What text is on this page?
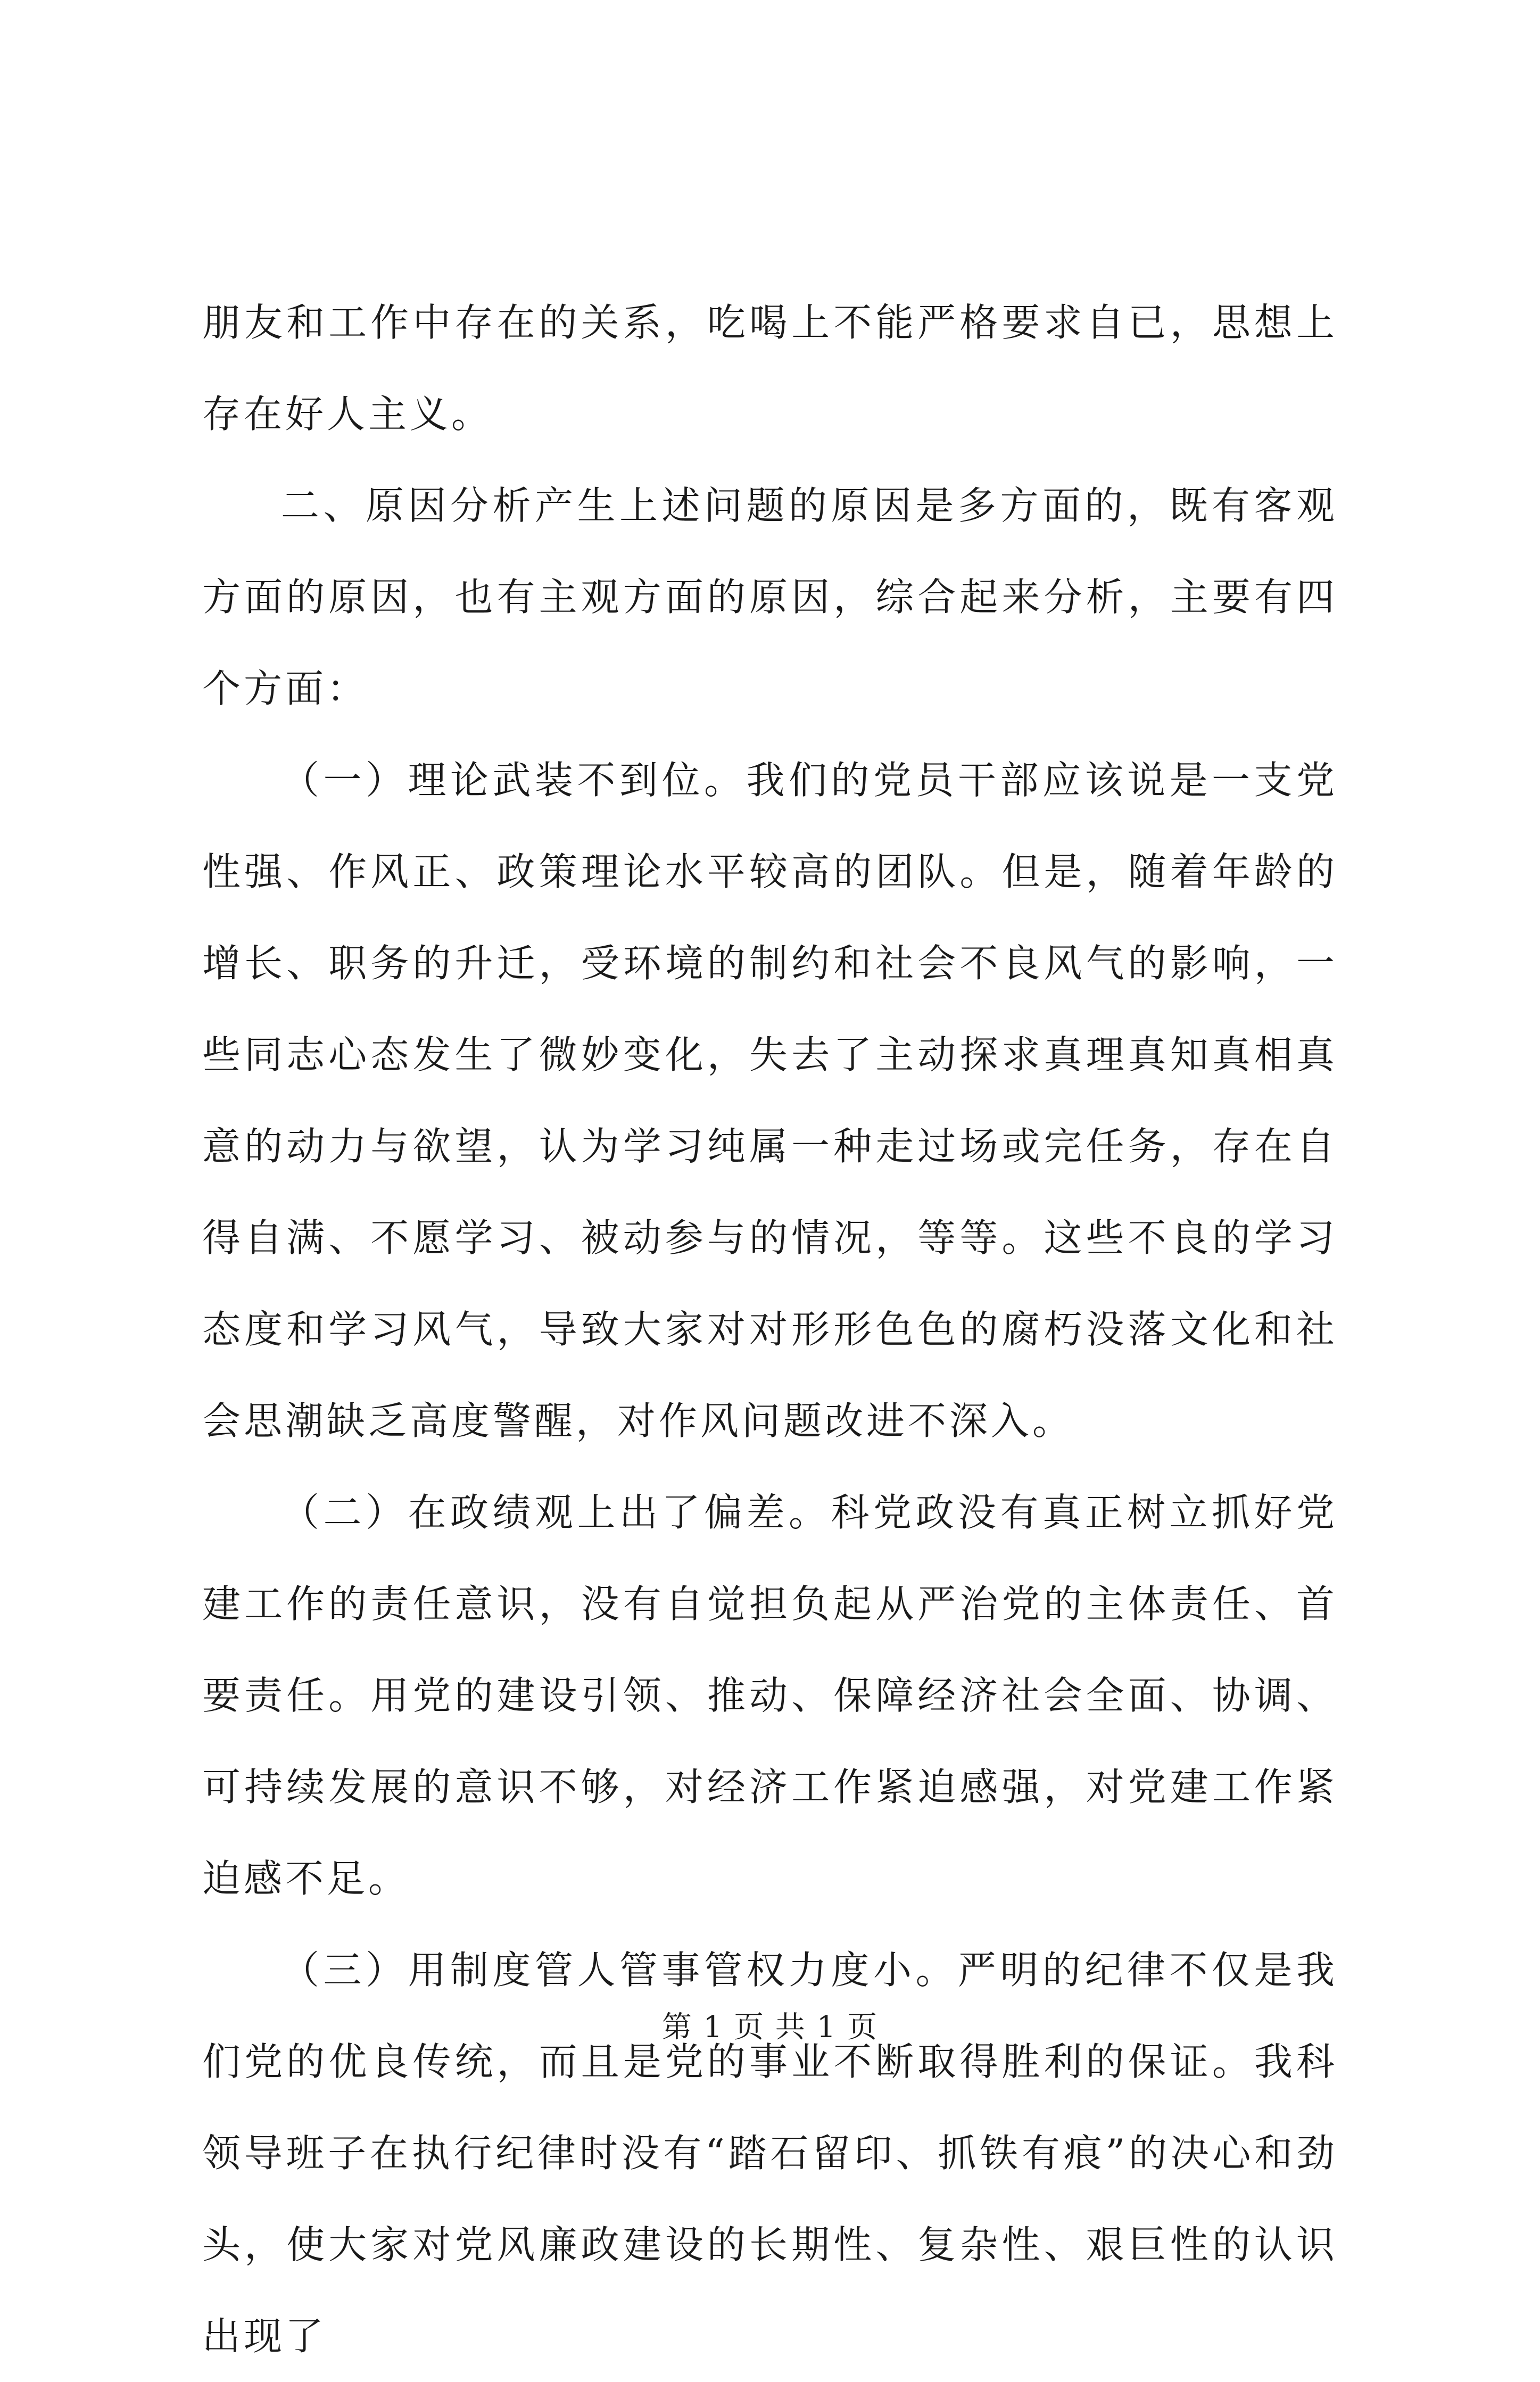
朋友和工作中存在的关系，吃喝上不能严格要求自已，思想上存在好人主义。

二、原因分析产生上述问题的原因是多方面的，既有客观方面的原因，也有主观方面的原因，综合起来分析，主要有四个方面：

（一）理论武装不到位。我们的党员干部应该说是一支党性强、作风正、政策理论水平较高的团队。但是，随着年龄的增长、职务的升迁，受环境的制约和社会不良风气的影响，一些同志心态发生了微妙变化，失去了主动探求真理真知真相真意的动力与欲望，认为学习纯属一种走过场或完任务，存在自得自满、不愿学习、被动参与的情况，等等。这些不良的学习态度和学习风气，导致大家对对形形色色的腐朽没落文化和社会思潮缺乏高度警醒，对作风问题改进不深入。

（二）在政绩观上出了偏差。科党政没有真正树立抓好党建工作的责任意识，没有自觉担负起从严治党的主体责任、首要责任。用党的建设引领、推动、保障经济社会全面、协调、可持续发展的意识不够，对经济工作紧迫感强，对党建工作紧迫感不足。

（三）用制度管人管事管权力度小。严明的纪律不仅是我们党的优良传统，而且是党的事业不断取得胜利的保证。我科领导班子在执行纪律时没有“踏石留印、抓铁有痕”的决心和劲头，使大家对党风廉政建设的长期性、复杂性、艰巨性的认识出现了

第 1 页 共 1 页
